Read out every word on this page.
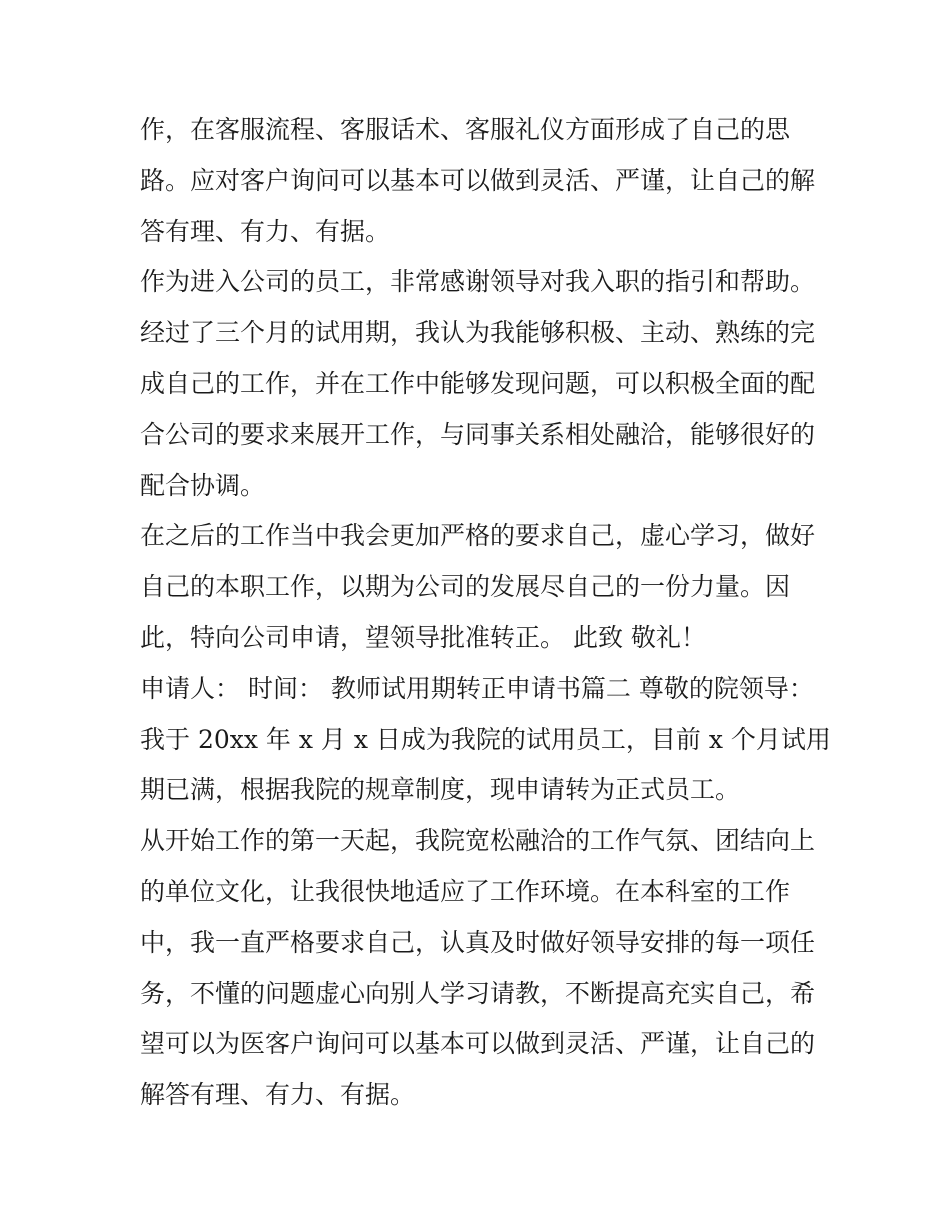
作，在客服流程、客服话术、客服礼仪方面形成了自己的思
路。应对客户询问可以基本可以做到灵活、严谨，让自己的解
答有理、有力、有据。
作为进入公司的员工，非常感谢领导对我入职的指引和帮助。
经过了三个月的试用期，我认为我能够积极、主动、熟练的完
成自己的工作，并在工作中能够发现问题，可以积极全面的配
合公司的要求来展开工作，与同事关系相处融洽，能够很好的
配合协调。
在之后的工作当中我会更加严格的要求自己，虚心学习，做好
自己的本职工作，以期为公司的发展尽自己的一份力量。因
此，特向公司申请，望领导批准转正。 此致 敬礼！
申请人： 时间： 教师试用期转正申请书篇二 尊敬的院领导：
我于 20xx 年 x 月 x 日成为我院的试用员工，目前 x 个月试用
期已满，根据我院的规章制度，现申请转为正式员工。
从开始工作的第一天起，我院宽松融洽的工作气氛、团结向上
的单位文化，让我很快地适应了工作环境。在本科室的工作
中，我一直严格要求自己，认真及时做好领导安排的每一项任
务，不懂的问题虚心向别人学习请教，不断提高充实自己，希
望可以为医客户询问可以基本可以做到灵活、严谨，让自己的
解答有理、有力、有据。
